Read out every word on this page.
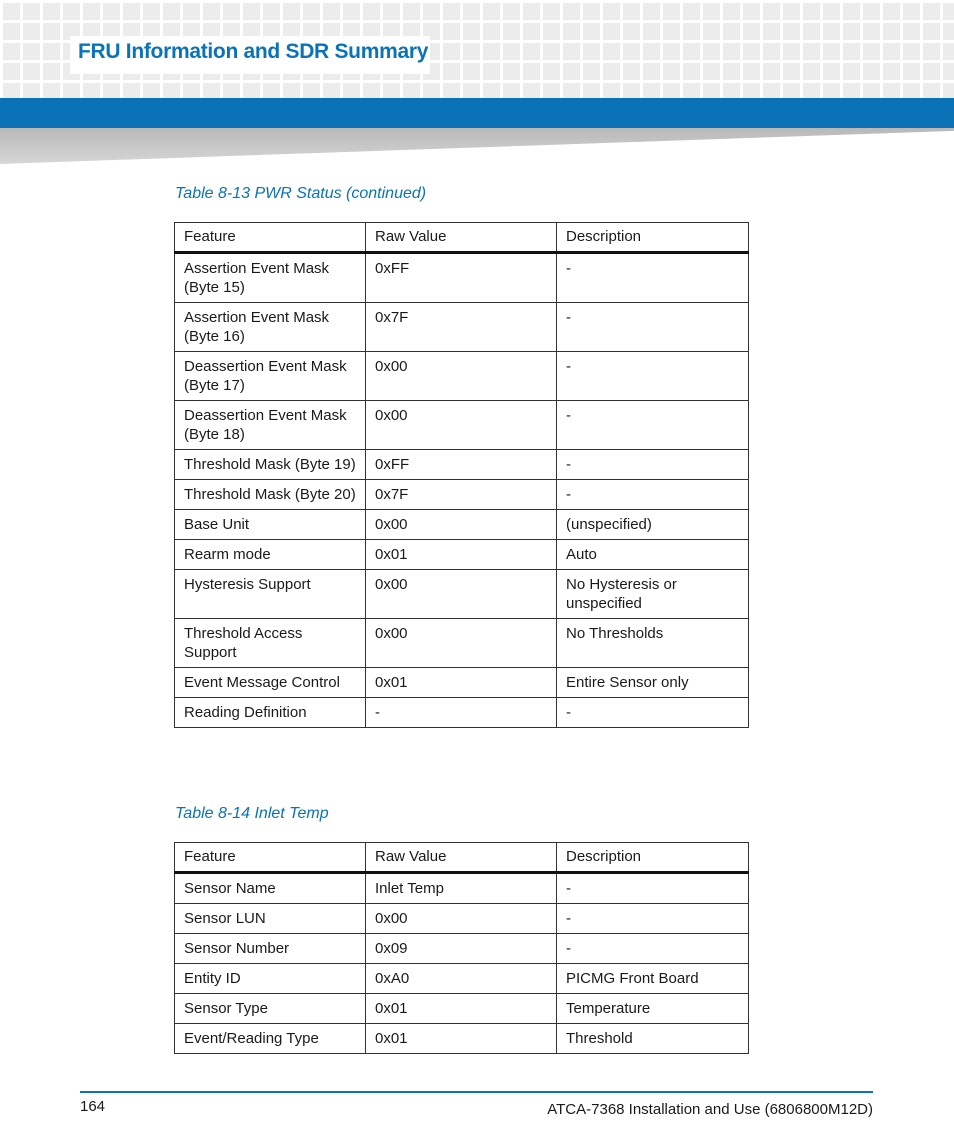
FRU Information and SDR Summary
Table 8-13 PWR Status (continued)
Feature	Raw Value	Description
Assertion Event Mask (Byte 15)	0xFF	-
Assertion Event Mask (Byte 16)	0x7F	-
Deassertion Event Mask (Byte 17)	0x00	-
Deassertion Event Mask (Byte 18)	0x00	-
Threshold Mask (Byte 19)	0xFF	-
Threshold Mask (Byte 20)	0x7F	-
Base Unit	0x00	(unspecified)
Rearm mode	0x01	Auto
Hysteresis Support	0x00	No Hysteresis or unspecified
Threshold Access Support	0x00	No Thresholds
Event Message Control	0x01	Entire Sensor only
Reading Definition	-	-
Table 8-14 Inlet Temp
Feature	Raw Value	Description
Sensor Name	Inlet Temp	-
Sensor LUN	0x00	-
Sensor Number	0x09	-
Entity ID	0xA0	PICMG Front Board
Sensor Type	0x01	Temperature
Event/Reading Type	0x01	Threshold
164	ATCA-7368 Installation and Use (6806800M12D)
